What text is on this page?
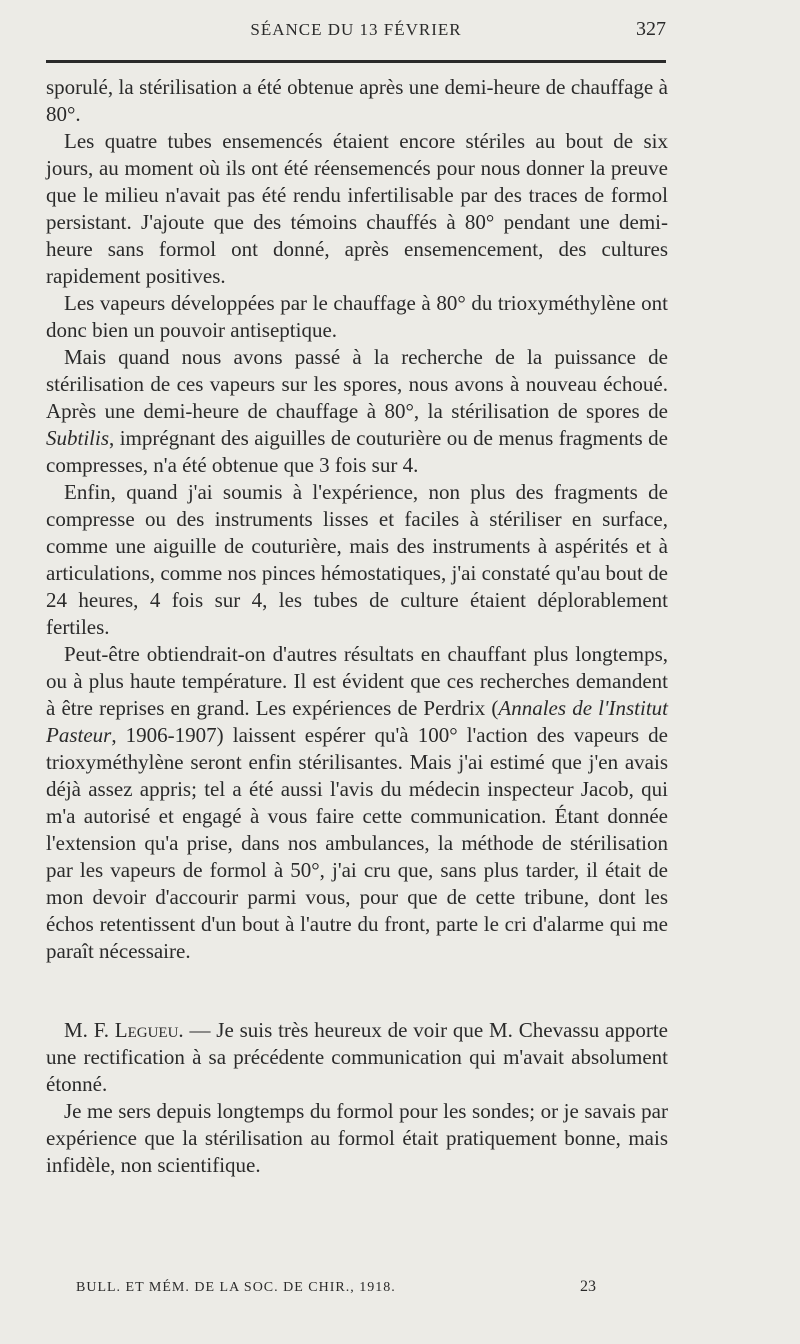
SÉANCE DU 13 FÉVRIER	327

sporulé, la stérilisation a été obtenue après une demi-heure de chauffage à 80°.

Les quatre tubes ensemencés étaient encore stériles au bout de six jours, au moment où ils ont été réensemencés pour nous donner la preuve que le milieu n'avait pas été rendu infertilisable par des traces de formol persistant. J'ajoute que des témoins chauffés à 80° pendant une demi-heure sans formol ont donné, après ensemencement, des cultures rapidement positives.

Les vapeurs développées par le chauffage à 80° du trioxyméthylène ont donc bien un pouvoir antiseptique.

Mais quand nous avons passé à la recherche de la puissance de stérilisation de ces vapeurs sur les spores, nous avons à nouveau échoué. Après une demi-heure de chauffage à 80°, la stérilisation de spores de Subtilis, imprégnant des aiguilles de couturière ou de menus fragments de compresses, n'a été obtenue que 3 fois sur 4.

Enfin, quand j'ai soumis à l'expérience, non plus des fragments de compresse ou des instruments lisses et faciles à stériliser en surface, comme une aiguille de couturière, mais des instruments à aspérités et à articulations, comme nos pinces hémostatiques, j'ai constaté qu'au bout de 24 heures, 4 fois sur 4, les tubes de culture étaient déplorablement fertiles.

Peut-être obtiendrait-on d'autres résultats en chauffant plus longtemps, ou à plus haute température. Il est évident que ces recherches demandent à être reprises en grand. Les expériences de Perdrix (Annales de l'Institut Pasteur, 1906-1907) laissent espérer qu'à 100° l'action des vapeurs de trioxyméthylène seront enfin stérilisantes. Mais j'ai estimé que j'en avais déjà assez appris; tel a été aussi l'avis du médecin inspecteur Jacob, qui m'a autorisé et engagé à vous faire cette communication. Étant donnée l'extension qu'a prise, dans nos ambulances, la méthode de stérilisation par les vapeurs de formol à 50°, j'ai cru que, sans plus tarder, il était de mon devoir d'accourir parmi vous, pour que de cette tribune, dont les échos retentissent d'un bout à l'autre du front, parte le cri d'alarme qui me paraît nécessaire.

M. F. Legueu. — Je suis très heureux de voir que M. Chevassu apporte une rectification à sa précédente communication qui m'avait absolument étonné.

Je me sers depuis longtemps du formol pour les sondes; or je savais par expérience que la stérilisation au formol était pratiquement bonne, mais infidèle, non scientifique.

BULL. ET MÉM. DE LA SOC. DE CHIR., 1918.	23
